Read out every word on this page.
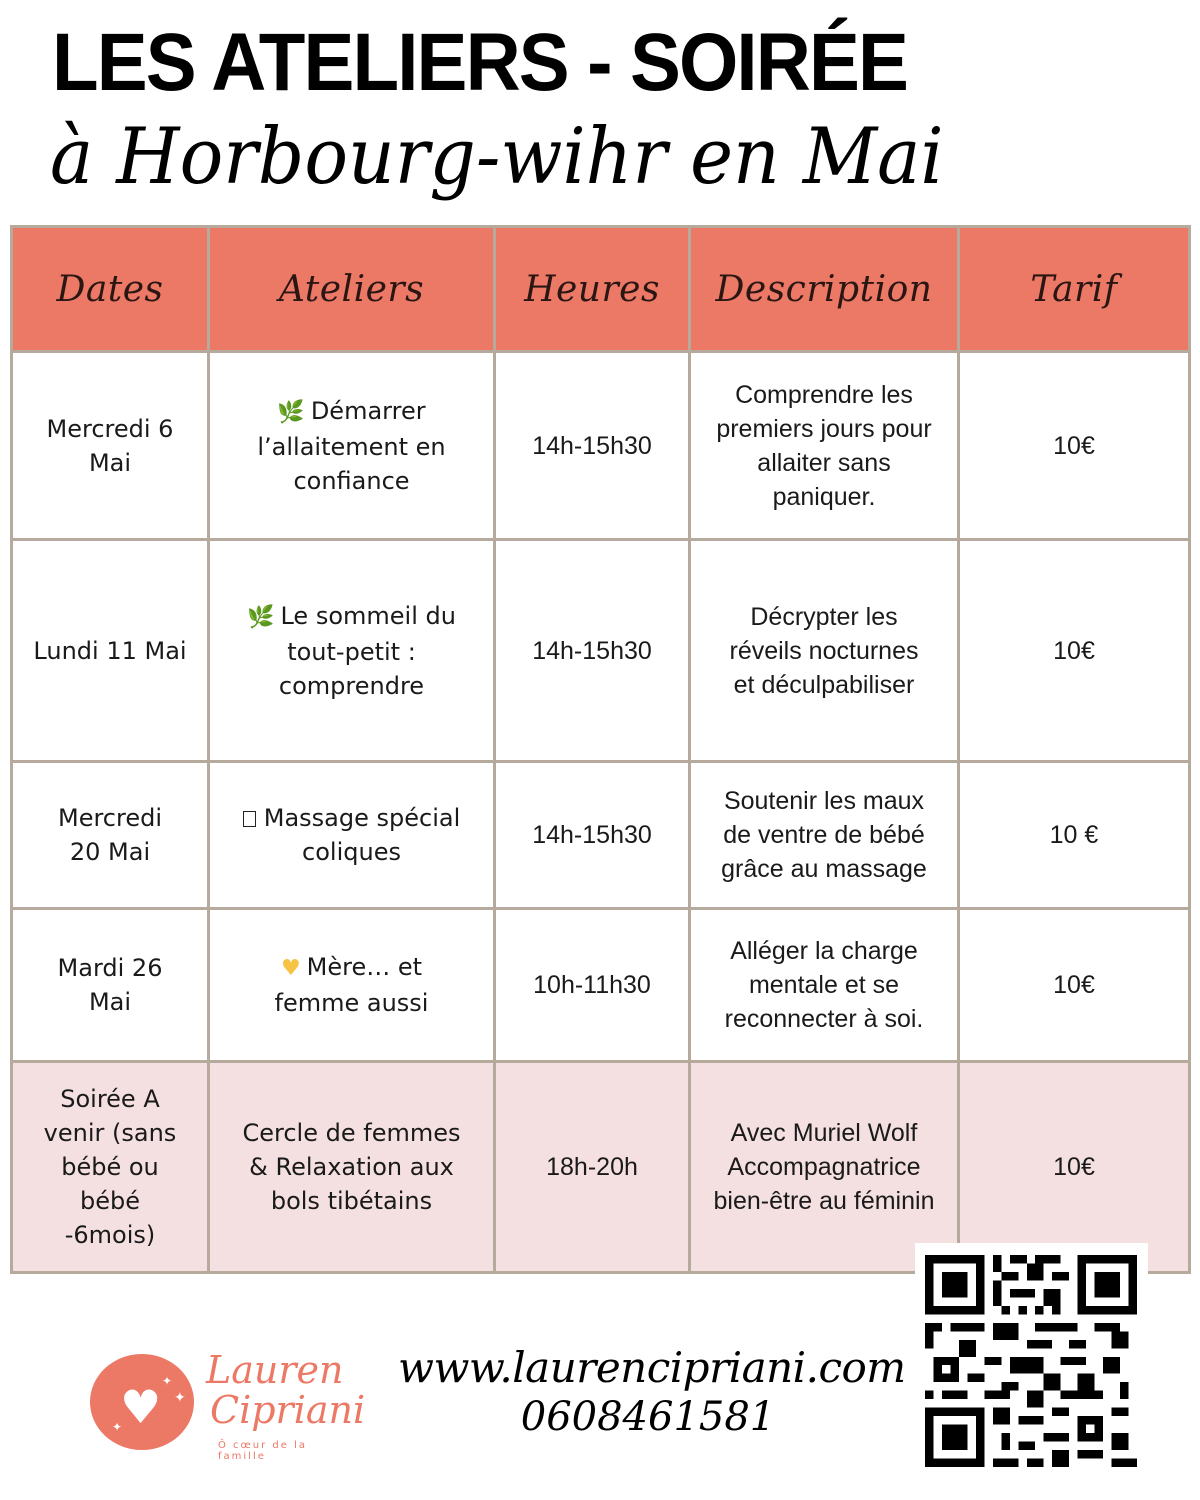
LES ATELIERS - SOIRÉE
à Horbourg-wihr en Mai
Dates	Ateliers	Heures	Description	Tarif
Mercredi 6 Mai	🌿 Démarrer l’allaitement en confiance	14h-15h30	Comprendre les premiers jours pour allaiter sans paniquer.	10€
Lundi 11 Mai	🌿 Le sommeil du tout-petit : comprendre	14h-15h30	Décrypter les réveils nocturnes et déculpabiliser	10€
Mercredi 20 Mai	Massage spécial coliques	14h-15h30	Soutenir les maux de ventre de bébé grâce au massage	10 €
Mardi 26 Mai	♥ Mère… et femme aussi	10h-11h30	Alléger la charge mentale et se reconnecter à soi.	10€
Soirée A venir (sans bébé ou bébé -6mois)	Cercle de femmes & Relaxation aux bols tibétains	18h-20h	Avec Muriel Wolf Accompagnatrice bien-être au féminin	10€
♥ ✦
✦
✦
Lauren
Cipriani
Ô cœur de la famille
www.laurencipriani.com
0608461581
